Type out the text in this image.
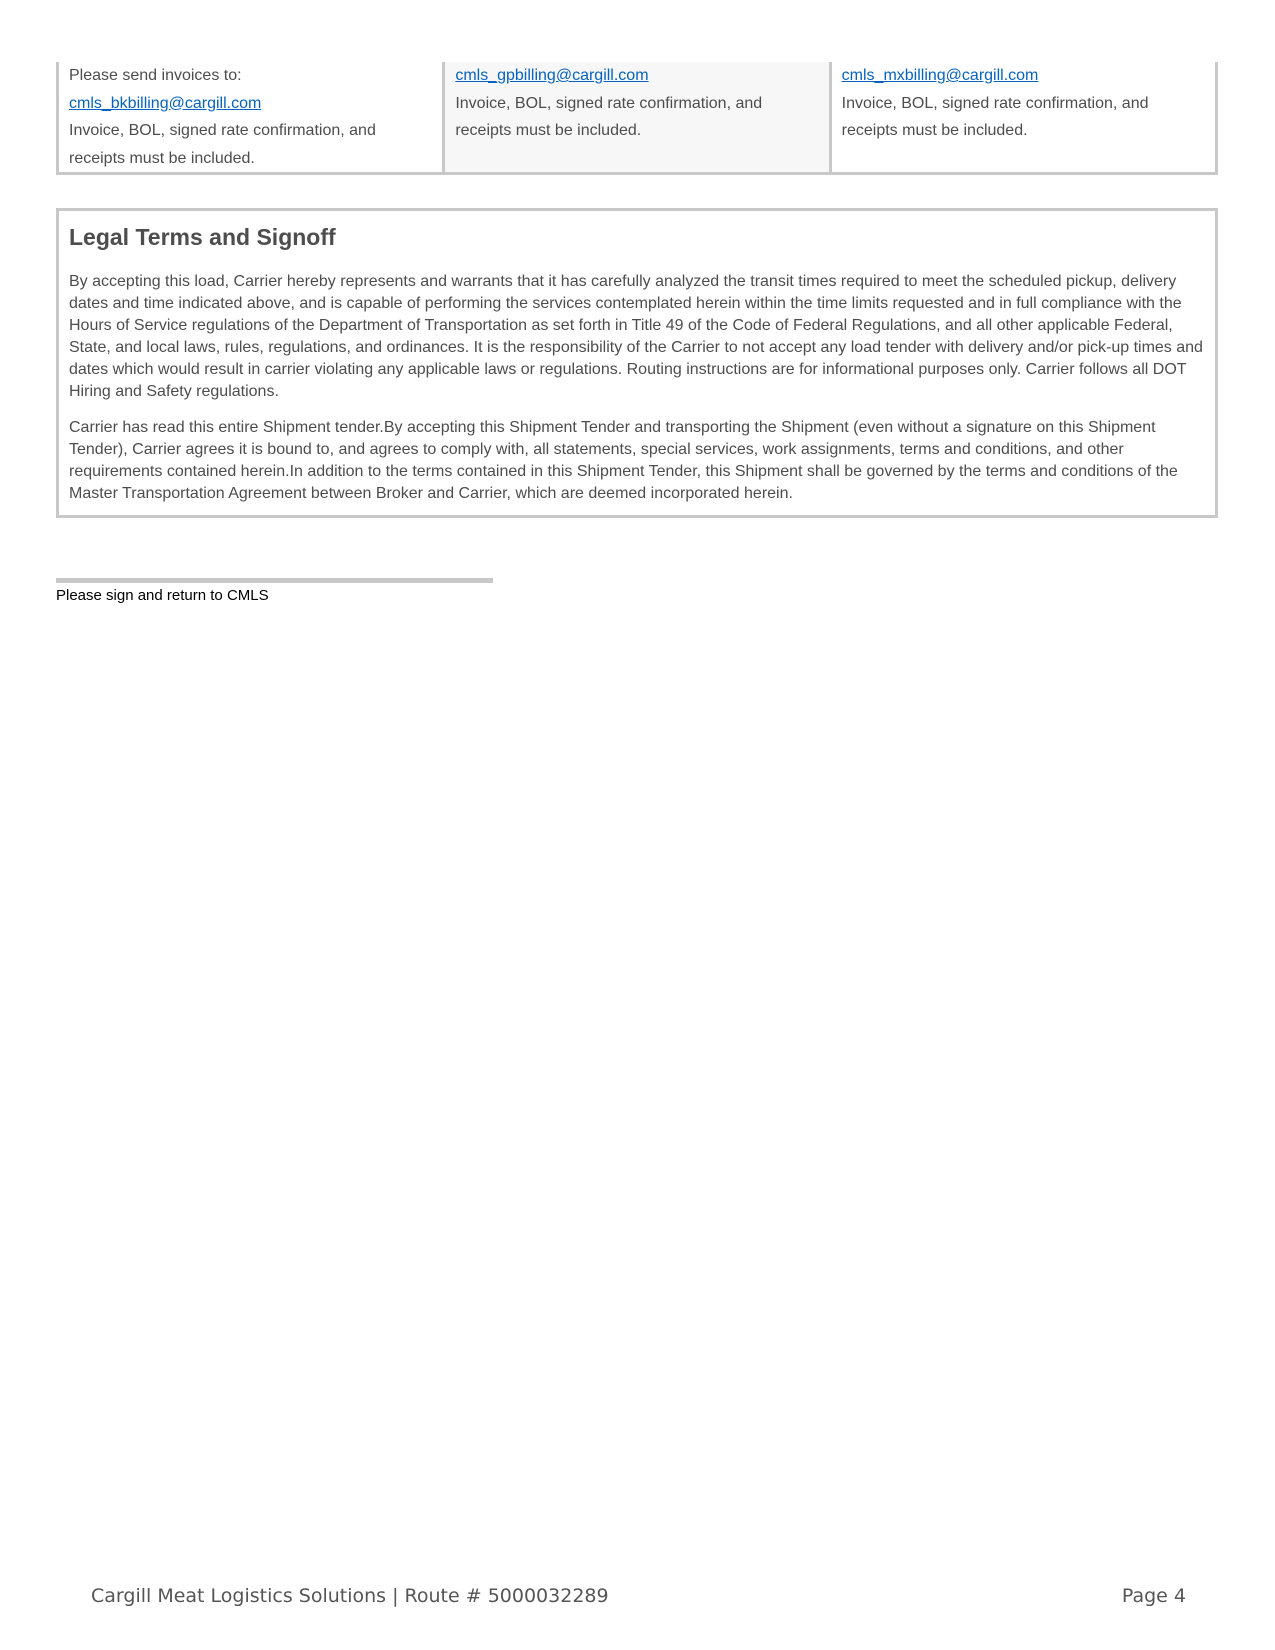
Please send invoices to:
cmls_bkbilling@cargill.com
Invoice, BOL, signed rate confirmation, and
receipts must be included.
cmls_gpbilling@cargill.com
Invoice, BOL, signed rate confirmation, and
receipts must be included.
cmls_mxbilling@cargill.com
Invoice, BOL, signed rate confirmation, and
receipts must be included.
Legal Terms and Signoff

By accepting this load, Carrier hereby represents and warrants that it has carefully analyzed the transit times required to meet the scheduled pickup, delivery dates and time indicated above, and is capable of performing the services contemplated herein within the time limits requested and in full compliance with the Hours of Service regulations of the Department of Transportation as set forth in Title 49 of the Code of Federal Regulations, and all other applicable Federal, State, and local laws, rules, regulations, and ordinances. It is the responsibility of the Carrier to not accept any load tender with delivery and/or pick-up times and dates which would result in carrier violating any applicable laws or regulations. Routing instructions are for informational purposes only. Carrier follows all DOT Hiring and Safety regulations.

Carrier has read this entire Shipment tender.By accepting this Shipment Tender and transporting the Shipment (even without a signature on this Shipment Tender), Carrier agrees it is bound to, and agrees to comply with, all statements, special services, work assignments, terms and conditions, and other requirements contained herein.In addition to the terms contained in this Shipment Tender, this Shipment shall be governed by the terms and conditions of the Master Transportation Agreement between Broker and Carrier, which are deemed incorporated herein.

Please sign and return to CMLS
Cargill Meat Logistics Solutions | Route # 5000032289	Page 4
